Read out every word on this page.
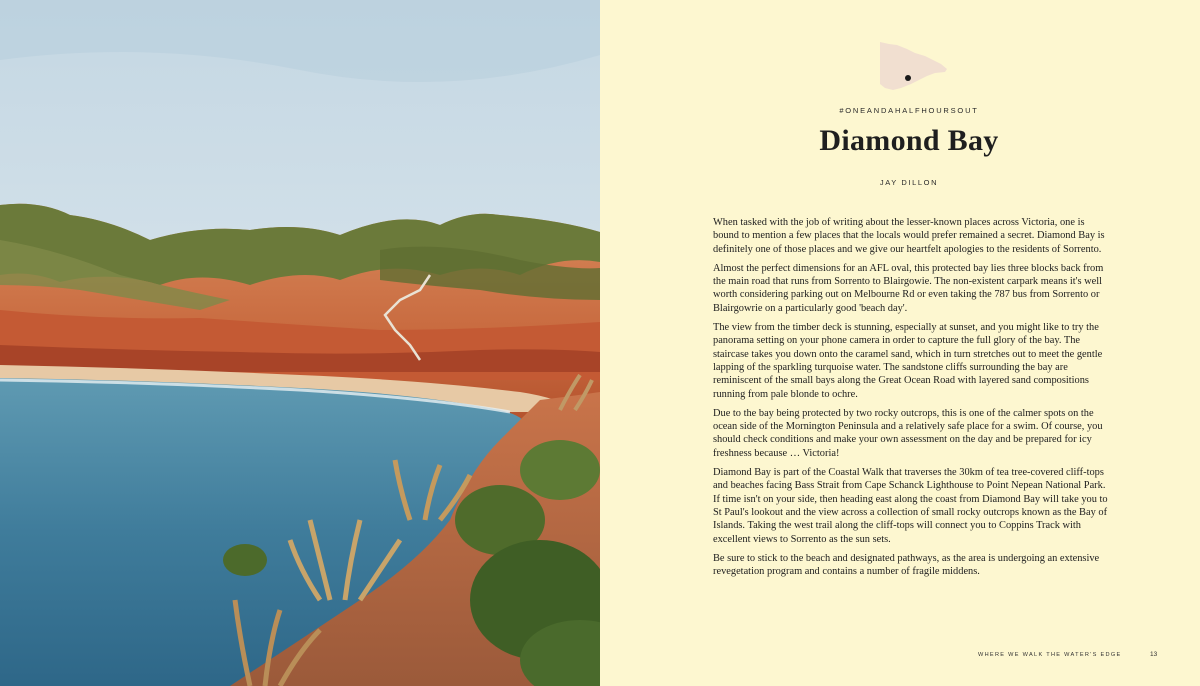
#ONEANDAHALFHOURSOUT
Diamond Bay
JAY DILLON

When tasked with the job of writing about the lesser-known places across Victoria, one is bound to mention a few places that the locals would prefer remained a secret. Diamond Bay is definitely one of those places and we give our heartfelt apologies to the residents of Sorrento.

Almost the perfect dimensions for an AFL oval, this protected bay lies three blocks back from the main road that runs from Sorrento to Blairgowie. The non-existent carpark means it's well worth considering parking out on Melbourne Rd or even taking the 787 bus from Sorrento or Blairgowrie on a particularly good 'beach day'.

The view from the timber deck is stunning, especially at sunset, and you might like to try the panorama setting on your phone camera in order to capture the full glory of the bay. The staircase takes you down onto the caramel sand, which in turn stretches out to meet the gentle lapping of the sparkling turquoise water. The sandstone cliffs surrounding the bay are reminiscent of the small bays along the Great Ocean Road with layered sand compositions running from pale blonde to ochre.

Due to the bay being protected by two rocky outcrops, this is one of the calmer spots on the ocean side of the Mornington Peninsula and a relatively safe place for a swim. Of course, you should check conditions and make your own assessment on the day and be prepared for icy freshness because … Victoria!

Diamond Bay is part of the Coastal Walk that traverses the 30km of tea tree-covered cliff-tops and beaches facing Bass Strait from Cape Schanck Lighthouse to Point Nepean National Park. If time isn't on your side, then heading east along the coast from Diamond Bay will take you to St Paul's lookout and the view across a collection of small rocky outcrops known as the Bay of Islands. Taking the west trail along the cliff-tops will connect you to Coppins Track with excellent views to Sorrento as the sun sets.

Be sure to stick to the beach and designated pathways, as the area is undergoing an extensive revegetation program and contains a number of fragile middens.

WHERE WE WALK THE WATER'S EDGE	13
